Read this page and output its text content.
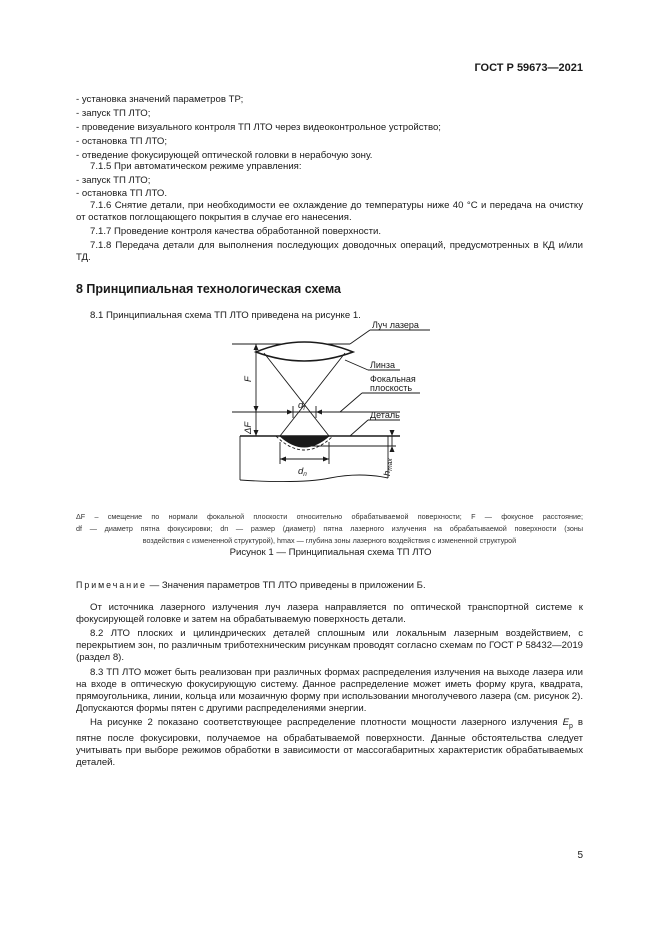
ГОСТ Р 59673—2021
- установка значений параметров ТР;
- запуск ТП ЛТО;
- проведение визуального контроля ТП ЛТО через видеоконтрольное устройство;
- остановка ТП ЛТО;
- отведение фокусирующей оптической головки в нерабочую зону.
7.1.5 При автоматическом режиме управления:
- запуск ТП ЛТО;
- остановка ТП ЛТО.
7.1.6 Снятие детали, при необходимости ее охлаждение до температуры ниже 40 °С и передача на очистку от остатков поглощающего покрытия в случае его нанесения.
7.1.7 Проведение контроля качества обработанной поверхности.
7.1.8 Передача детали для выполнения последующих доводочных операций, предусмотренных в КД и/или ТД.
8 Принципиальная технологическая схема
8.1 Принципиальная схема ТП ЛТО приведена на рисунке 1.
Луч лазера
Линза
Фокальная
плоскость
Деталь
F
ΔF
$d_f$
$d_п$	$h_{max}$
ΔF – смещение по нормали фокальной плоскости относительно обрабатываемой поверхности; F — фокусное расстояние;
df — диаметр пятна фокусировки; dп — размер (диаметр) пятна лазерного излучения на обрабатываемой поверхности (зоны
воздействия с измененной структурой), hmax — глубина зоны лазерного воздействия с измененной структурой
Рисунок 1 — Принципиальная схема ТП ЛТО
Примечание — Значения параметров ТП ЛТО приведены в приложении Б.
От источника лазерного излучения луч лазера направляется по оптической транспортной системе к фокусирующей головке и затем на обрабатываемую поверхность детали.
8.2 ЛТО плоских и цилиндрических деталей сплошным или локальным лазерным воздействием, с перекрытием зон, по различным триботехническим рисункам проводят согласно схемам по ГОСТ Р 58432—2019 (раздел 8).
8.3 ТП ЛТО может быть реализован при различных формах распределения излучения на выходе лазера или на входе в оптическую фокусирующую систему. Данное распределение может иметь форму круга, квадрата, прямоугольника, линии, кольца или мозаичную форму при использовании многолучевого лазера (см. рисунок 2). Допускаются формы пятен с другими распределениями энергии.
На рисунке 2 показано соответствующее распределение плотности мощности лазерного излучения $E_p$ в пятне после фокусировки, получаемое на обрабатываемой поверхности. Данные обстоятельства следует учитывать при выборе режимов обработки в зависимости от массогабаритных характеристик обрабатываемых деталей.
5
